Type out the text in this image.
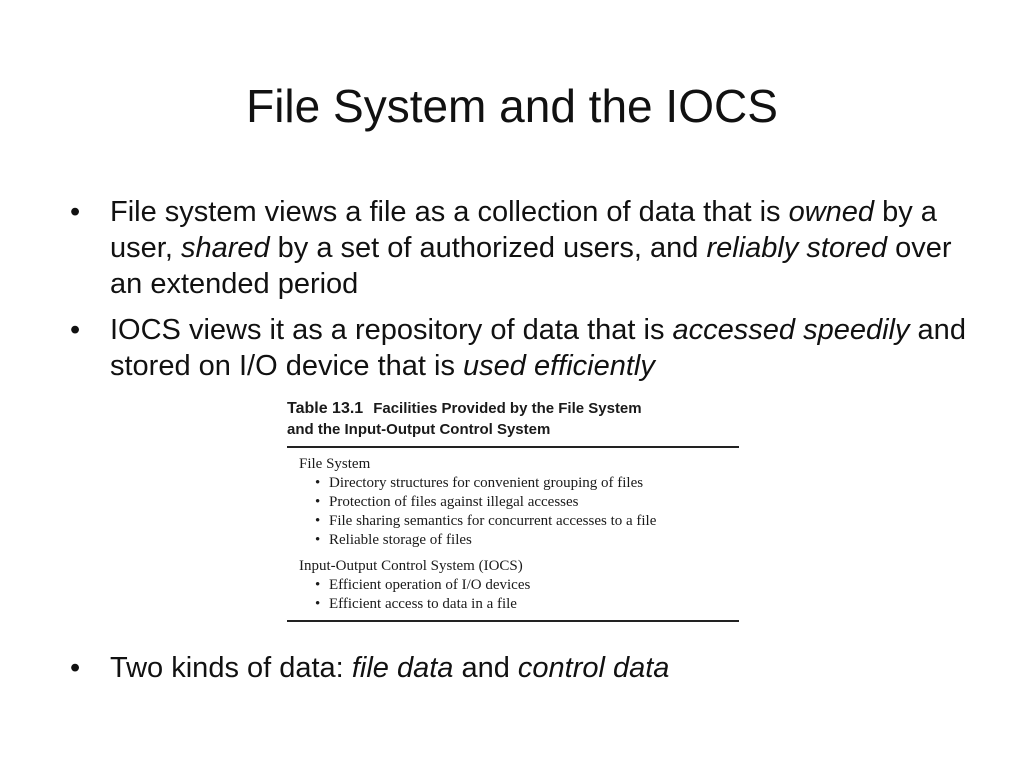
File System and the IOCS
•	File system views a file as a collection of data that is owned by a user, shared by a set of authorized users, and reliably stored over an extended period
•	IOCS views it as a repository of data that is accessed speedily and stored on I/O device that is used efficiently
Table 13.1 Facilities Provided by the File System
and the Input-Output Control System
File System
• Directory structures for convenient grouping of files
• Protection of files against illegal accesses
• File sharing semantics for concurrent accesses to a file
• Reliable storage of files
Input-Output Control System (IOCS)
• Efficient operation of I/O devices
• Efficient access to data in a file
•	Two kinds of data: file data and control data
